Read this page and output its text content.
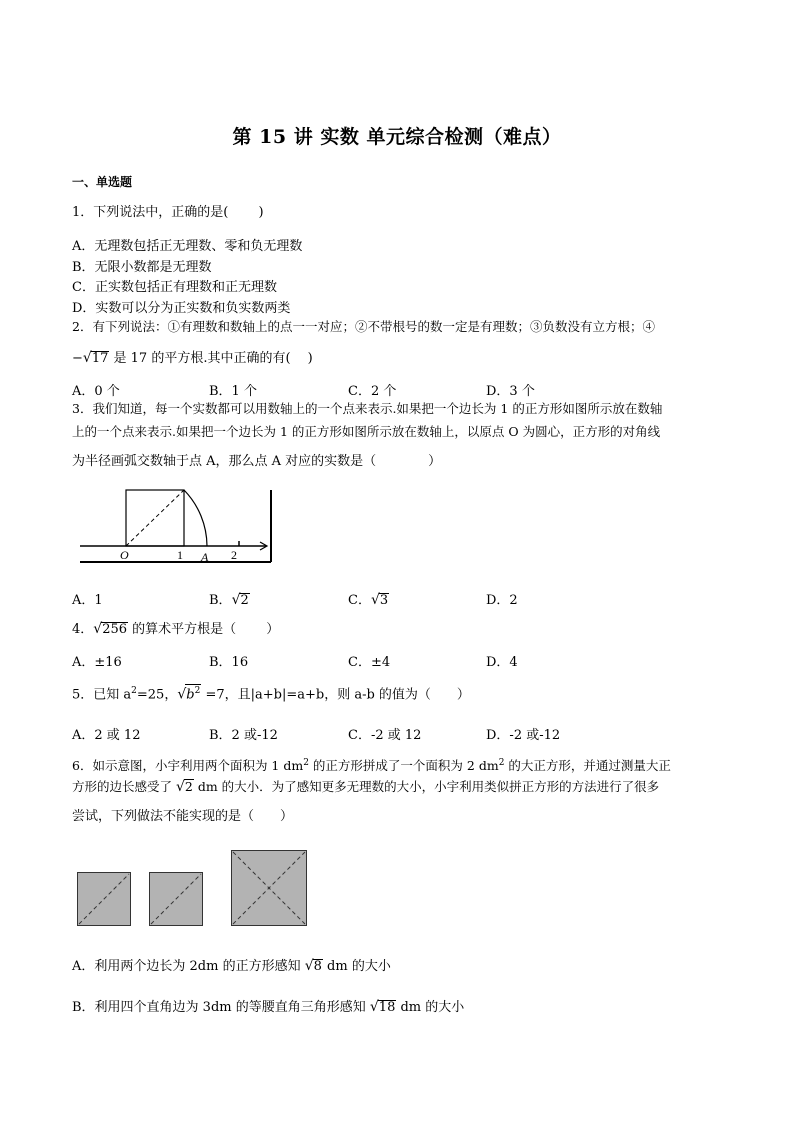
第 15 讲 实数 单元综合检测（难点）
一、单选题
1．下列说法中，正确的是(　　 )
A．无理数包括正无理数、零和负无理数
B．无限小数都是无理数
C．正实数包括正有理数和正无理数
D．实数可以分为正实数和负实数两类
2．有下列说法：①有理数和数轴上的点一一对应；②不带根号的数一定是有理数；③负数没有立方根；④
−√17 是 17 的平方根.其中正确的有(　 )
A．0 个	B．1 个	C．2 个	D．3 个
3．我们知道，每一个实数都可以用数轴上的一个点来表示.如果把一个边长为 1 的正方形如图所示放在数轴
上的一个点来表示.如果把一个边长为 1 的正方形如图所示放在数轴上，以原点 O 为圆心，正方形的对角线
为半径画弧交数轴于点 A，那么点 A 对应的实数是（　　　　）
O	1 A 2
A．1	B．√2	C．√3	D．2
4．√256 的算术平方根是（　　 ）
A．±16	B．16	C．±4	D．4
5．已知 $a^2=25$，$√b^2 =7$，且|a+b|=a+b，则 a-b 的值为（　　）
A．2 或 12	B．2 或-12	C．-2 或 12	D．-2 或-12
6．如示意图，小宇利用两个面积为 1 $dm^2$ 的正方形拼成了一个面积为 2 $dm^2$ 的大正方形，并通过测量大正
方形的边长感受了 √2 dm 的大小．为了感知更多无理数的大小，小宇利用类似拼正方形的方法进行了很多
尝试，下列做法不能实现的是（　　）
A．利用两个边长为 2dm 的正方形感知 √8 dm 的大小
B．利用四个直角边为 3dm 的等腰直角三角形感知 √18 dm 的大小
